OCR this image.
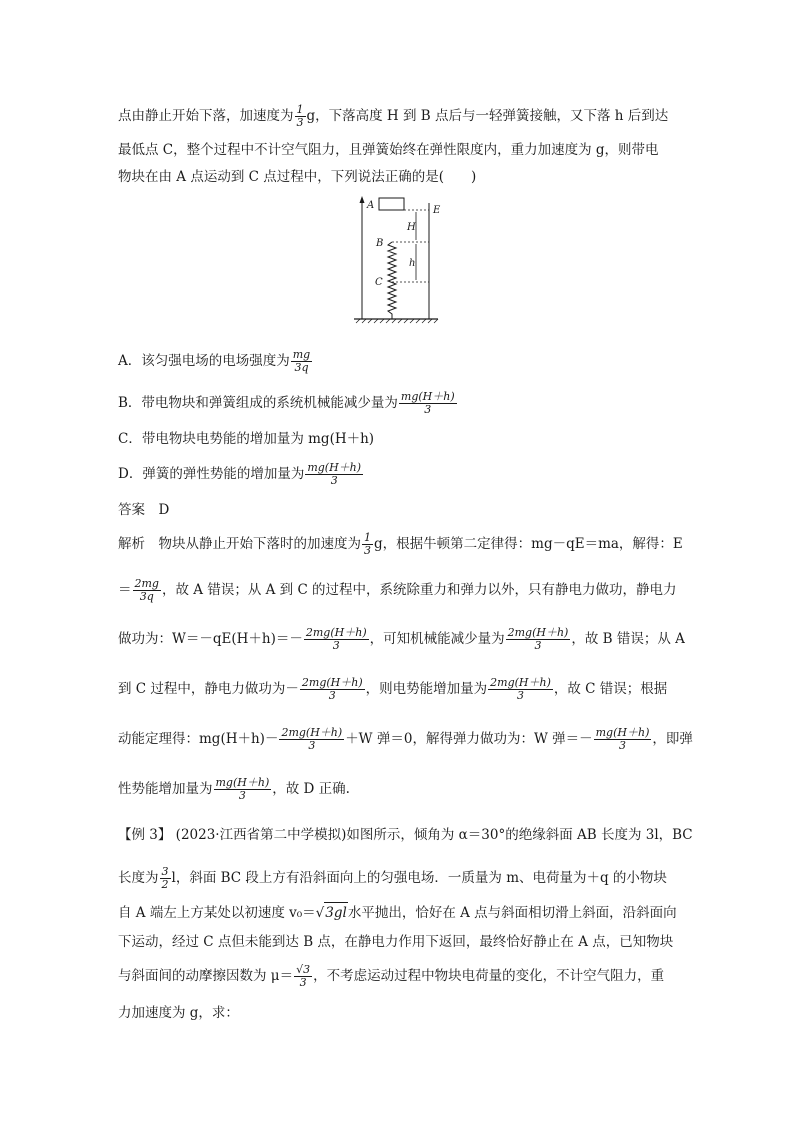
点由静止开始下落，加速度为 $\frac{1}{3}$ g，下落高度 H 到 B 点后与一轻弹簧接触，又下落 h 后到达
最低点 C，整个过程中不计空气阻力，且弹簧始终在弹性限度内，重力加速度为 g，则带电
物块在由 A 点运动到 C 点过程中，下列说法正确的是(　　)
A	E
B
C
H
h
A．该匀强电场的电场强度为 $\frac{mg}{3q}$
B．带电物块和弹簧组成的系统机械能减少量为 $\frac{mg(H+h)}{3}$
C．带电物块电势能的增加量为 mg(H＋h)
D．弹簧的弹性势能的增加量为 $\frac{mg(H+h)}{3}$
答案　D
解析　物块从静止开始下落时的加速度为 $\frac{1}{3}$ g，根据牛顿第二定律得：mg－qE＝ma，解得：E
＝ $\frac{2mg}{3q}$ ，故 A 错误；从 A 到 C 的过程中，系统除重力和弹力以外，只有静电力做功，静电力
做功为：$W=-qE(H+h)=- \frac{2mg(H+h)}{3}$ ，可知机械能减少量为 $\frac{2mg(H+h)}{3}$ ，故 B 错误；从 A
到 C 过程中，静电力做功为－ $\frac{2mg(H+h)}{3}$ ，则电势能增加量为 $\frac{2mg(H+h)}{3}$ ，故 C 错误；根据
动能定理得：$mg(H+h)- \frac{2mg(H+h)}{3} +W$ 弹＝0，解得弹力做功为：W 弹＝－ $\frac{mg(H+h)}{3}$ ，即弹
性势能增加量为 $\frac{mg(H+h)}{3}$ ，故 D 正确.
【例 3】 (2023·江西省第二中学模拟)如图所示，倾角为 α＝30°的绝缘斜面 AB 长度为 3l，BC
长度为 $\frac{3}{2}$ l，斜面 BC 段上方有沿斜面向上的匀强电场．一质量为 m、电荷量为＋q 的小物块
自 A 端左上方某处以初速度 v₀＝√3gl水平抛出，恰好在 A 点与斜面相切滑上斜面，沿斜面向
下运动，经过 C 点但未能到达 B 点，在静电力作用下返回，最终恰好静止在 A 点，已知物块
与斜面间的动摩擦因数为 $\mu= \frac{√3}{3}$ ，不考虑运动过程中物块电荷量的变化，不计空气阻力，重
力加速度为 g，求：
